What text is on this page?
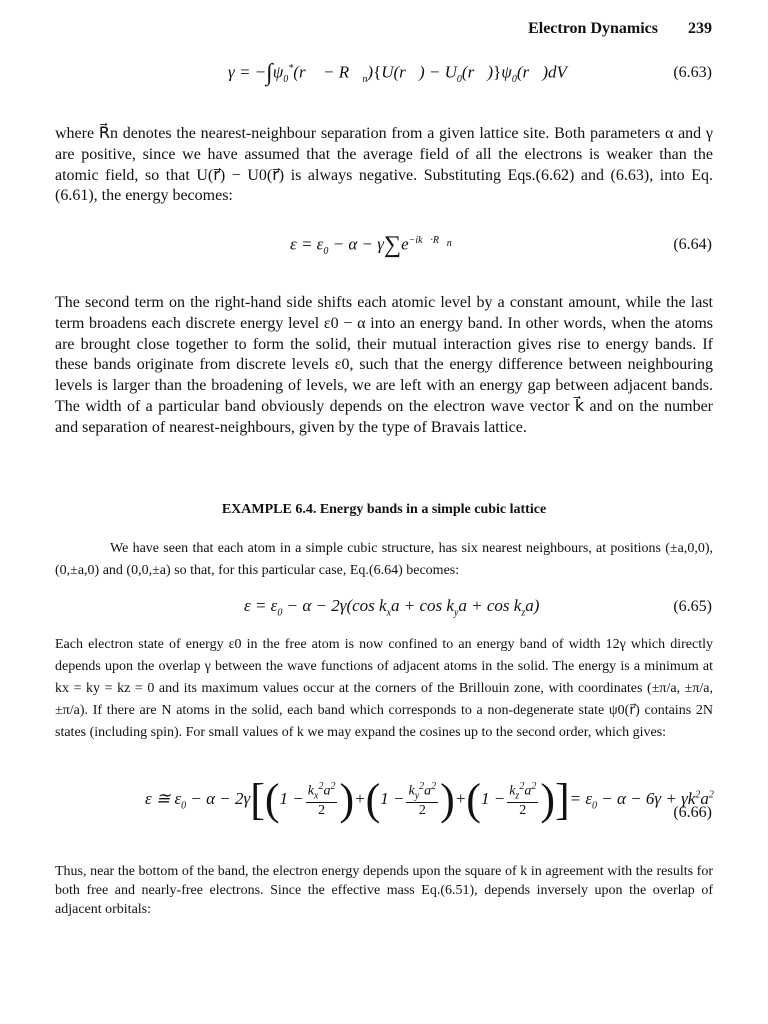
Electron Dynamics 239
$\gamma = -\int\psi_0^*(r⃗$ − $R⃗_n)\{U(r⃗)$ − $U_0(r⃗)\}\psi_0(r⃗)dV$	(6.63)
where R⃗n denotes the nearest-neighbour separation from a given lattice site. Both parameters α and γ are positive, since we have assumed that the average field of all the electrons is weaker than the atomic field, so that U(r⃗) − U0(r⃗) is always negative. Substituting Eqs.(6.62) and (6.63), into Eq.(6.61), the energy becomes:
$\varepsilon = \varepsilon_0 - \alpha - \gamma\sum e^{-ik⃗\cdot R⃗_n}$	(6.64)
The second term on the right-hand side shifts each atomic level by a constant amount, while the last term broadens each discrete energy level ε0 − α into an energy band. In other words, when the atoms are brought close together to form the solid, their mutual interaction gives rise to energy bands. If these bands originate from discrete levels ε0, such that the energy difference between neighbouring levels is larger than the broadening of levels, we are left with an energy gap between adjacent bands. The width of a particular band obviously depends on the electron wave vector k⃗ and on the number and separation of nearest-neighbours, given by the type of Bravais lattice.
EXAMPLE 6.4. Energy bands in a simple cubic lattice
We have seen that each atom in a simple cubic structure, has six nearest neighbours, at positions (±a,0,0), (0,±a,0) and (0,0,±a) so that, for this particular case, Eq.(6.64) becomes:
$\varepsilon = \varepsilon_0 - \alpha - 2\gamma(\cos$ $k_xa + \cos k_ya + \cos k_za$)	(6.65)
Each electron state of energy ε0 in the free atom is now confined to an energy band of width 12γ which directly depends upon the overlap γ between the wave functions of adjacent atoms in the solid. The energy is a minimum at kx = ky = kz = 0 and its maximum values occur at the corners of the Brillouin zone, with coordinates (±π/a, ±π/a, ±π/a). If there are N atoms in the solid, each band which corresponds to a non-degenerate state ψ0(r⃗) contains 2N states (including spin). For small values of k we may expand the cosines up to the second order, which gives:
ε ≅ $\varepsilon_0 - \alpha - 2\gamma[(1 - \frac{k_x^2a^2}{2} )+(1 - \frac{k_y^2a^2}{2} )+(1 - \frac{k_z^2a^2}{2}$ )]= $\varepsilon_0 - \alpha - 6\gamma + \gamma k^2a^2$
(6.66)
Thus, near the bottom of the band, the electron energy depends upon the square of k in agreement with the results for both free and nearly-free electrons. Since the effective mass Eq.(6.51), depends inversely upon the overlap of adjacent orbitals:
